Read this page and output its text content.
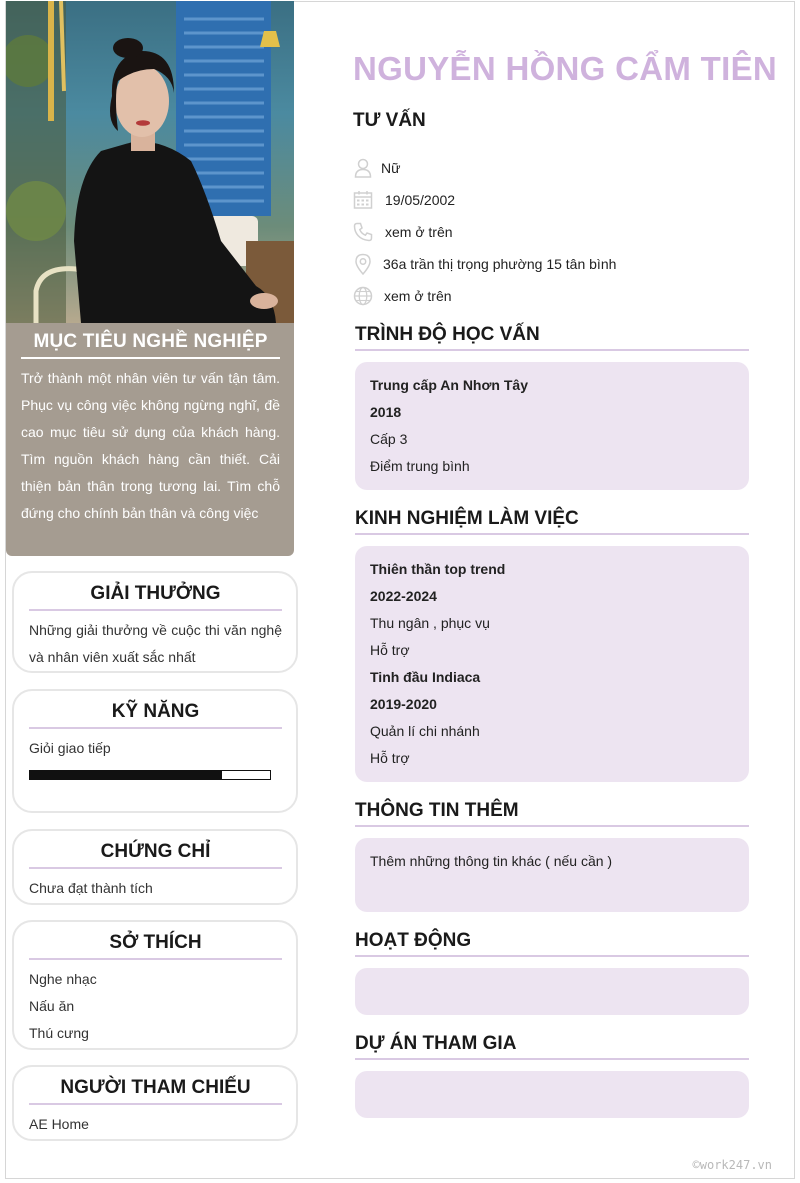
MỤC TIÊU NGHỀ NGHIỆP

Trở thành một nhân viên tư vấn tận tâm. Phục vụ công việc không ngừng nghĩ, đề cao mục tiêu sử dụng của khách hàng. Tìm nguồn khách hàng cần thiết. Cải thiện bản thân trong tương lai. Tìm chỗ đứng cho chính bản thân và công việc

GIẢI THƯỞNG

Những giải thưởng về cuộc thi văn nghệ và nhân viên xuất sắc nhất

KỸ NĂNG

Giỏi giao tiếp

CHỨNG CHỈ

Chưa đạt thành tích

SỞ THÍCH

Nghe nhạc

Nấu ăn

Thú cưng

NGƯỜI THAM CHIẾU

AE Home

NGUYỄN HỒNG CẨM TIÊN
TƯ VẤN
Nữ
19/05/2002
xem ở trên
36a trần thị trọng phường 15 tân bình
xem ở trên
TRÌNH ĐỘ HỌC VẤN

Trung cấp An Nhơn Tây

2018

Cấp 3

Điểm trung bình

KINH NGHIỆM LÀM VIỆC

Thiên thần top trend

2022-2024

Thu ngân , phục vụ

Hỗ trợ

Tinh đầu Indiaca

2019-2020

Quản lí chi nhánh

Hỗ trợ

THÔNG TIN THÊM

Thêm những thông tin khác ( nếu cần )

HOẠT ĐỘNG
DỰ ÁN THAM GIA
©work247.vn
